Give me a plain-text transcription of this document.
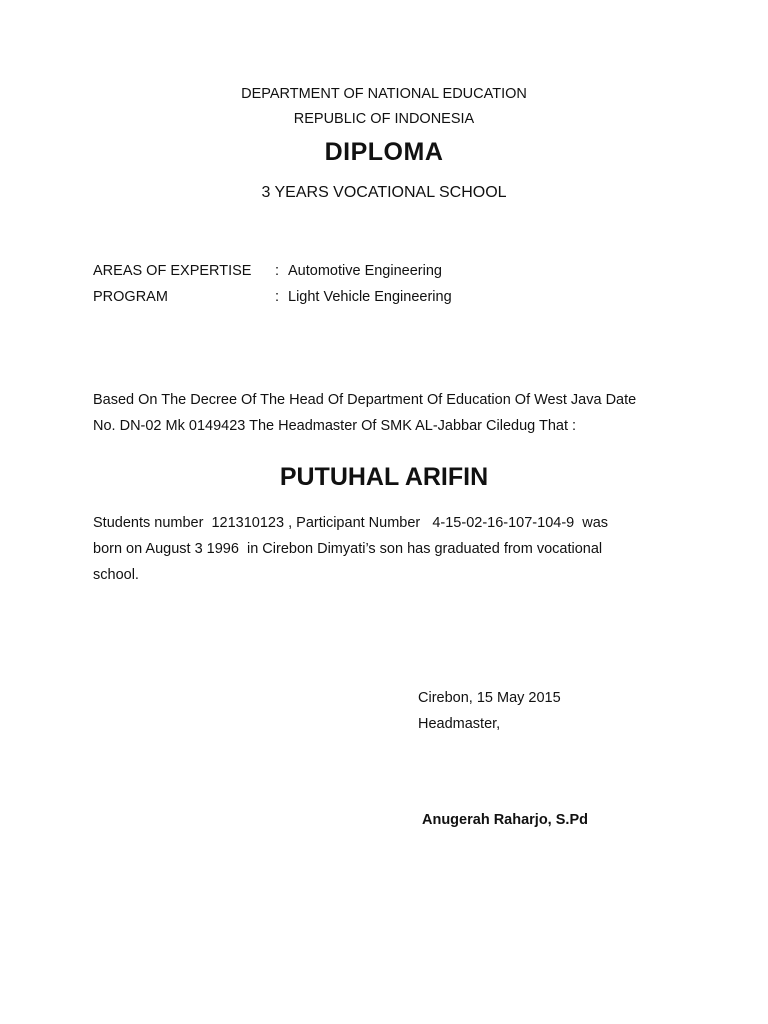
DEPARTMENT OF NATIONAL EDUCATION
REPUBLIC OF INDONESIA
DIPLOMA
3 YEARS VOCATIONAL SCHOOL
AREAS OF EXPERTISE : Automotive Engineering
PROGRAM	: Light Vehicle Engineering
Based On The Decree Of The Head Of Department Of Education Of West Java Date
No. DN-02 Mk 0149423 The Headmaster Of SMK AL-Jabbar Ciledug That :
PUTUHAL ARIFIN
Students number  121310123 , Participant Number   4-15-02-16-107-104-9  was
born on August 3 1996  in Cirebon Dimyati’s son has graduated from vocational
school.
Cirebon, 15 May 2015
Headmaster,
Anugerah Raharjo, S.Pd
